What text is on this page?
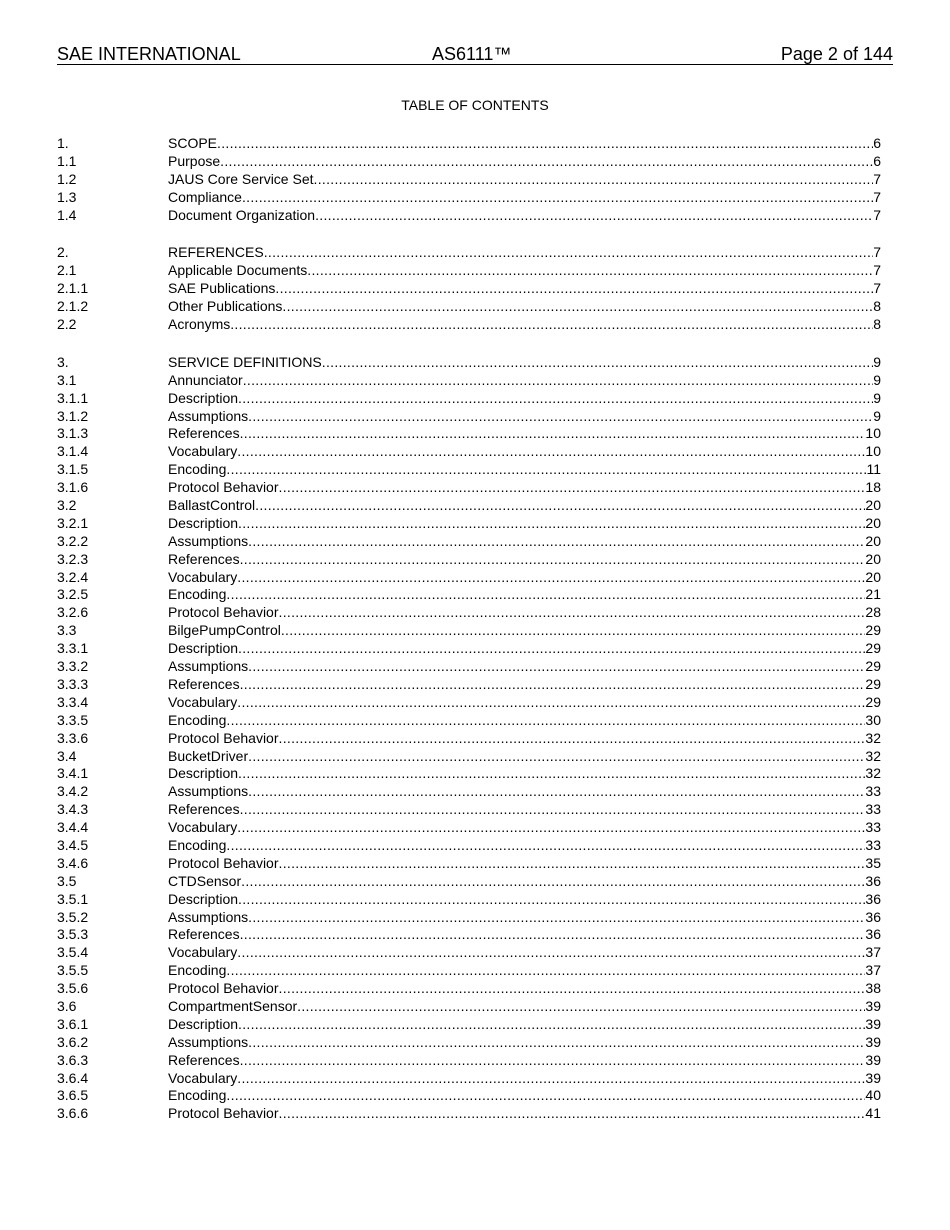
SAE INTERNATIONAL	AS6111™	Page 2 of 144
TABLE OF CONTENTS
1.	SCOPE .....	6
1.1	Purpose .....	6
1.2	JAUS Core Service Set .....	7
1.3	Compliance .....	7
1.4	Document Organization .....	7
2.	REFERENCES .....	7
2.1	Applicable Documents .....	7
2.1.1	SAE Publications .....	7
2.1.2	Other Publications .....	8
2.2	Acronyms .....	8
3.	SERVICE DEFINITIONS .....	9
3.1	Annunciator .....	9
3.1.1	Description .....	9
3.1.2	Assumptions .....	9
3.1.3	References .....	10
3.1.4	Vocabulary .....	10
3.1.5	Encoding .....	11
3.1.6	Protocol Behavior .....	18
3.2	BallastControl .....	20
3.2.1	Description .....	20
3.2.2	Assumptions .....	20
3.2.3	References .....	20
3.2.4	Vocabulary .....	20
3.2.5	Encoding .....	21
3.2.6	Protocol Behavior .....	28
3.3	BilgePumpControl .....	29
3.3.1	Description .....	29
3.3.2	Assumptions .....	29
3.3.3	References .....	29
3.3.4	Vocabulary .....	29
3.3.5	Encoding .....	30
3.3.6	Protocol Behavior .....	32
3.4	BucketDriver .....	32
3.4.1	Description .....	32
3.4.2	Assumptions .....	33
3.4.3	References .....	33
3.4.4	Vocabulary .....	33
3.4.5	Encoding .....	33
3.4.6	Protocol Behavior .....	35
3.5	CTDSensor .....	36
3.5.1	Description .....	36
3.5.2	Assumptions .....	36
3.5.3	References .....	36
3.5.4	Vocabulary .....	37
3.5.5	Encoding .....	37
3.5.6	Protocol Behavior .....	38
3.6	CompartmentSensor .....	39
3.6.1	Description .....	39
3.6.2	Assumptions .....	39
3.6.3	References .....	39
3.6.4	Vocabulary .....	39
3.6.5	Encoding .....	40
3.6.6	Protocol Behavior .....	41
